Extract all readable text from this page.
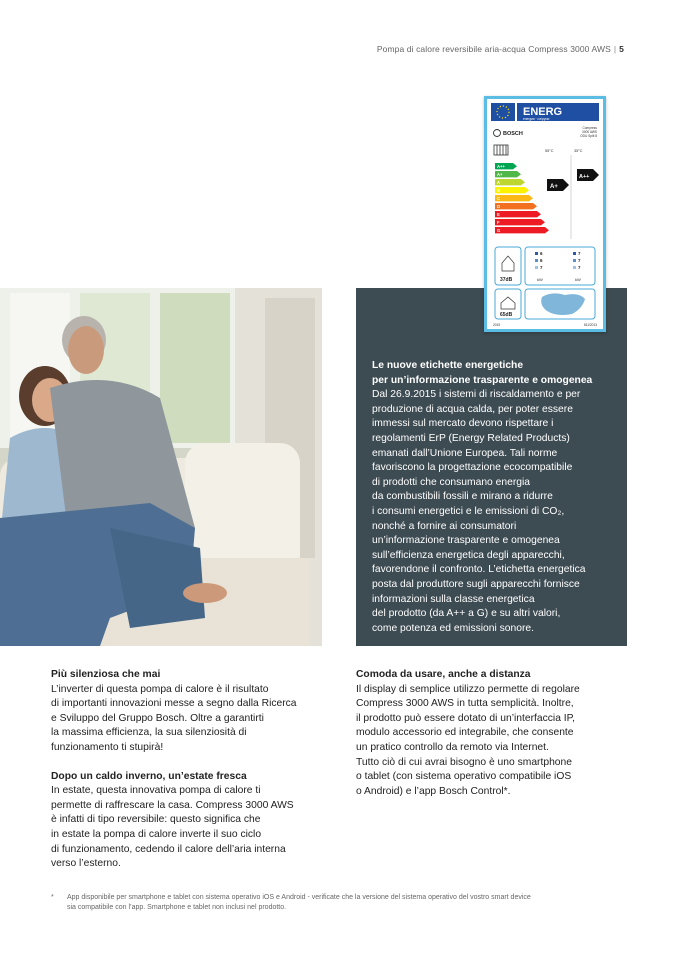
Pompa di calore reversibile aria-acqua Compress 3000 AWS | 5
ENERG
energия · ενέργεια
BOSCH
Compress
3000 AWS
ODU Split 8
55°C	35°C
A++
A+
A
B
C
D
E
F
G
A+
A++
37dB
6
6
7
7
7
7
kW	kW
65dB
2015	811/2013
Le nuove etichette energetiche
per un’informazione trasparente e omogenea

Dal 26.9.2015 i sistemi di riscaldamento e per

produzione di acqua calda, per poter essere

immessi sul mercato devono rispettare i

regolamenti ErP (Energy Related Products)

emanati dall’Unione Europea. Tali norme

favoriscono la progettazione ecocompatibile

di prodotti che consumano energia

da combustibili fossili e mirano a ridurre

i consumi energetici e le emissioni di CO₂,

nonché a fornire ai consumatori

un’informazione trasparente e omogenea

sull’efficienza energetica degli apparecchi,

favorendone il confronto. L’etichetta energetica

posta dal produttore sugli apparecchi fornisce

informazioni sulla classe energetica

del prodotto (da A++ a G) e su altri valori,

come potenza ed emissioni sonore.

Più silenziosa che mai

L’inverter di questa pompa di calore è il risultato

di importanti innovazioni messe a segno dalla Ricerca

e Sviluppo del Gruppo Bosch. Oltre a garantirti

la massima efficienza, la sua silenziosità di

funzionamento ti stupirà!

Dopo un caldo inverno, un’estate fresca

In estate, questa innovativa pompa di calore ti

permette di raffrescare la casa. Compress 3000 AWS

è infatti di tipo reversibile: questo significa che

in estate la pompa di calore inverte il suo ciclo

di funzionamento, cedendo il calore dell’aria interna

verso l’esterno.

Comoda da usare, anche a distanza

Il display di semplice utilizzo permette di regolare

Compress 3000 AWS in tutta semplicità. Inoltre,

il prodotto può essere dotato di un’interfaccia IP,

modulo accessorio ed integrabile, che consente

un pratico controllo da remoto via Internet.

Tutto ciò di cui avrai bisogno è uno smartphone

o tablet (con sistema operativo compatibile iOS

o Android) e l’app Bosch Control*.

* App disponibile per smartphone e tablet con sistema operativo iOS e Android - verificate che la versione del sistema operativo del vostro smart device
sia compatibile con l’app. Smartphone e tablet non inclusi nel prodotto.
